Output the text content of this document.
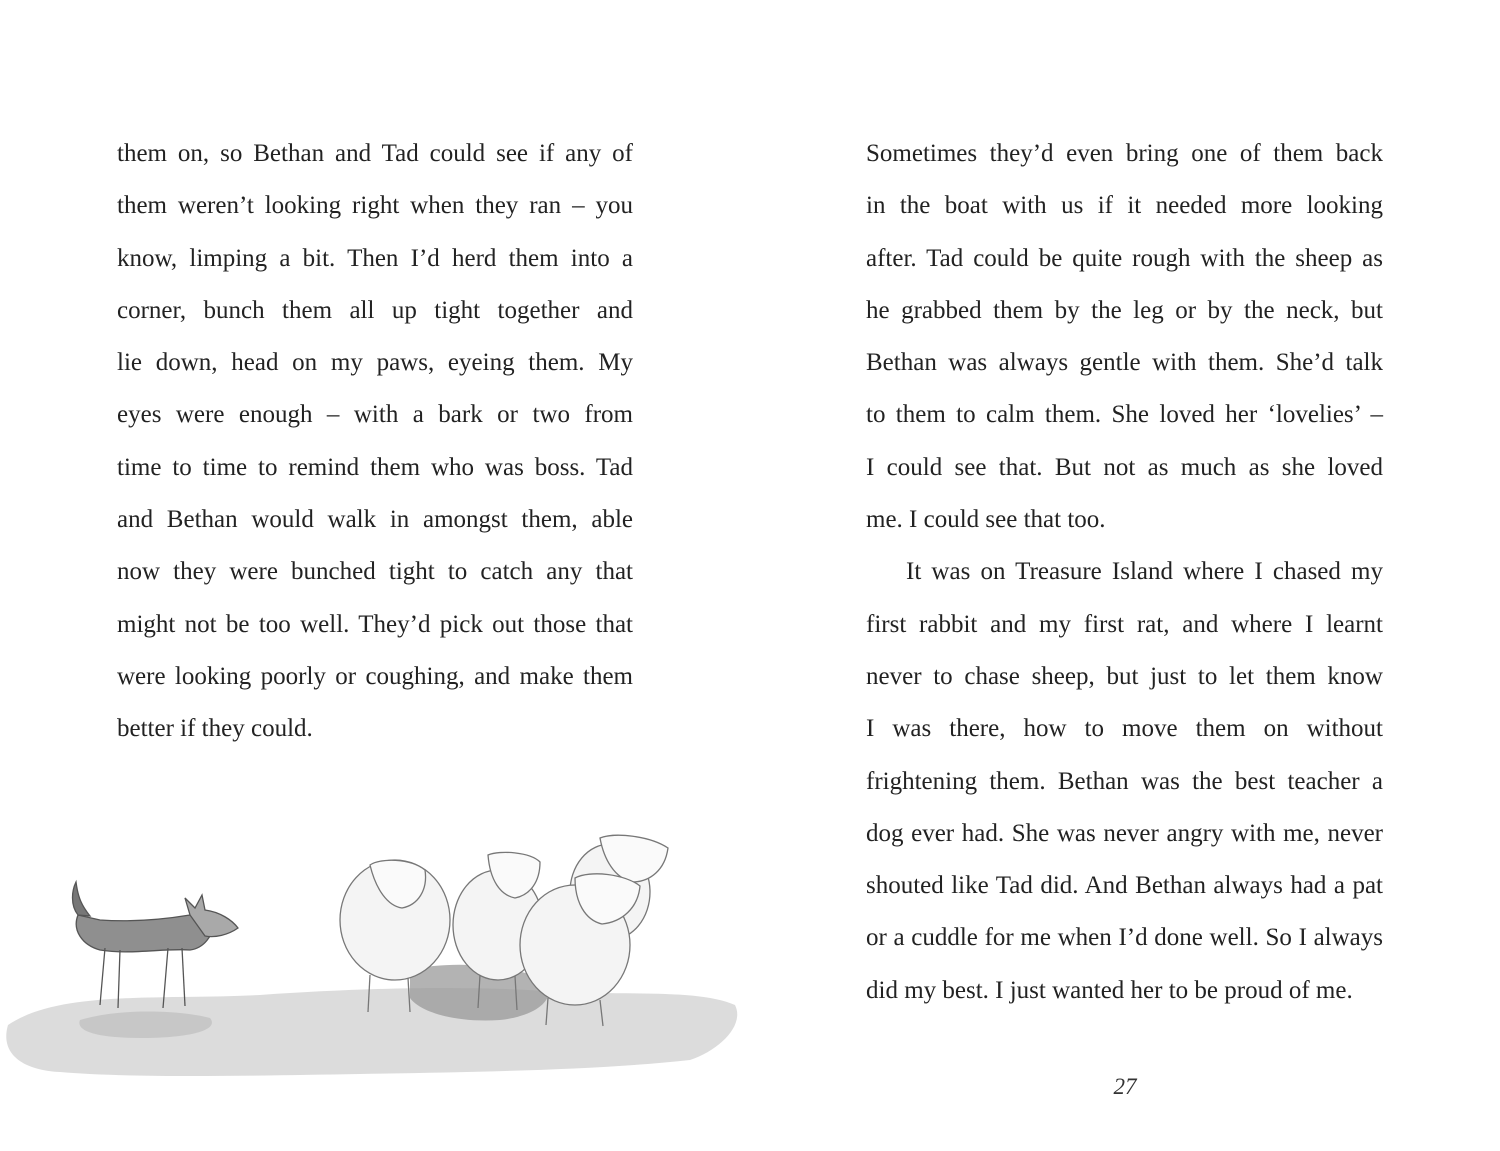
them on, so Bethan and Tad could see if any of

them weren’t looking right when they ran – you

know, limping a bit. Then I’d herd them into a

corner, bunch them all up tight together and

lie down, head on my paws, eyeing them. My

eyes were enough – with a bark or two from

time to time to remind them who was boss. Tad

and Bethan would walk in amongst them, able

now they were bunched tight to catch any that

might not be too well. They’d pick out those that

were looking poorly or coughing, and make them

better if they could.

Sometimes they’d even bring one of them back

in the boat with us if it needed more looking

after. Tad could be quite rough with the sheep as

he grabbed them by the leg or by the neck, but

Bethan was always gentle with them. She’d talk

to them to calm them. She loved her ‘lovelies’ –

I could see that. But not as much as she loved

me. I could see that too.

It was on Treasure Island where I chased my

first rabbit and my first rat, and where I learnt

never to chase sheep, but just to let them know

I was there, how to move them on without

frightening them. Bethan was the best teacher a

dog ever had. She was never angry with me, never

shouted like Tad did. And Bethan always had a pat

or a cuddle for me when I’d done well. So I always

did my best. I just wanted her to be proud of me.

27
